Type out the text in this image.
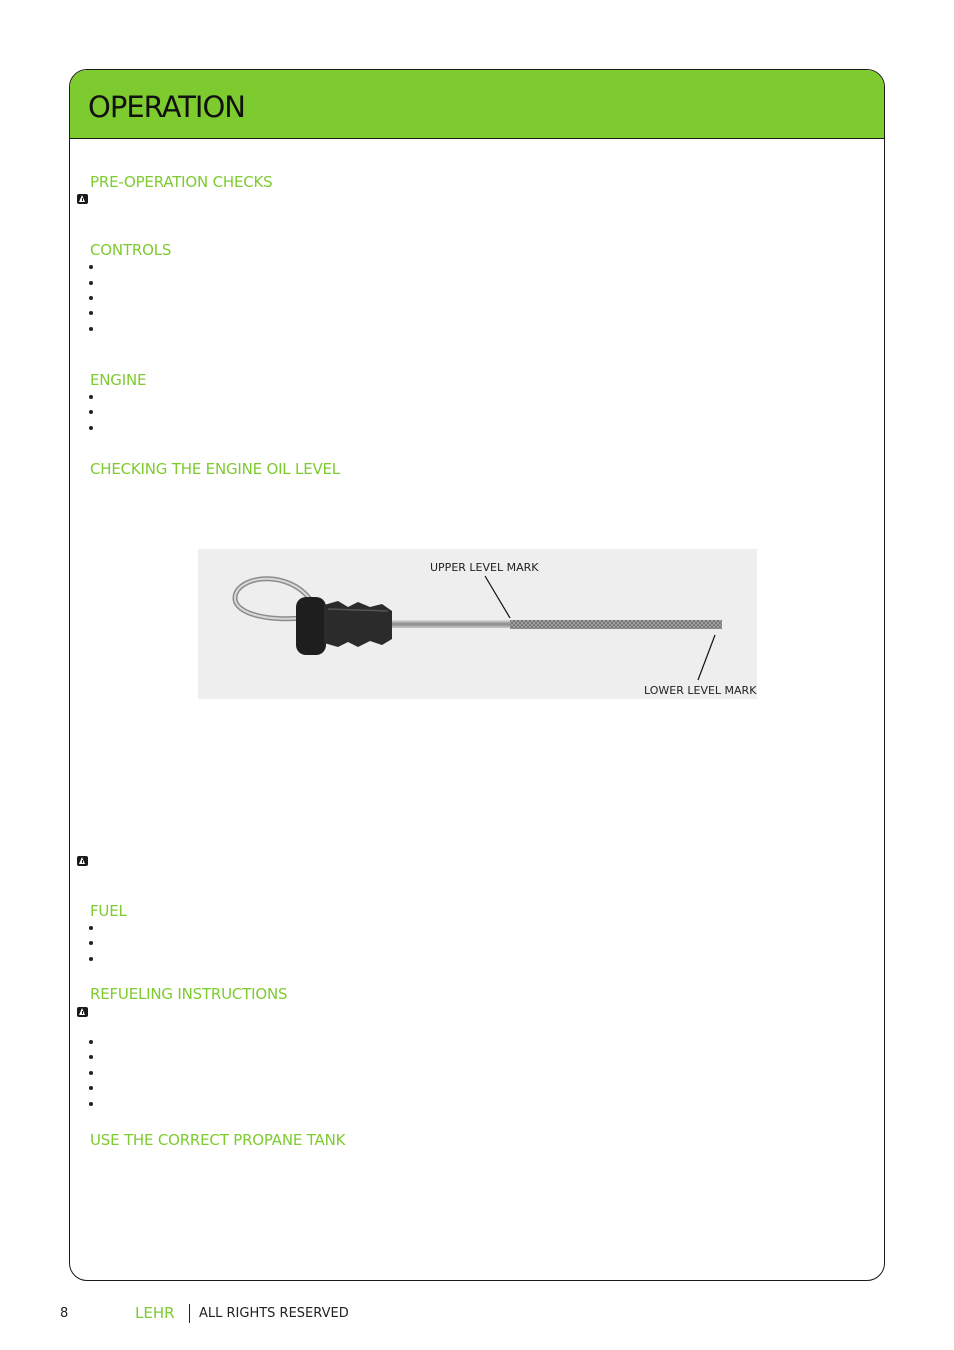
OPERATION
PRE-OPERATION CHECKS
CONTROLS
ENGINE
CHECKING THE ENGINE OIL LEVEL
UPPER LEVEL MARK
LOWER LEVEL MARK
FUEL
REFUELING INSTRUCTIONS
USE THE CORRECT PROPANE TANK
8	LEHR ALL RIGHTS RESERVED
